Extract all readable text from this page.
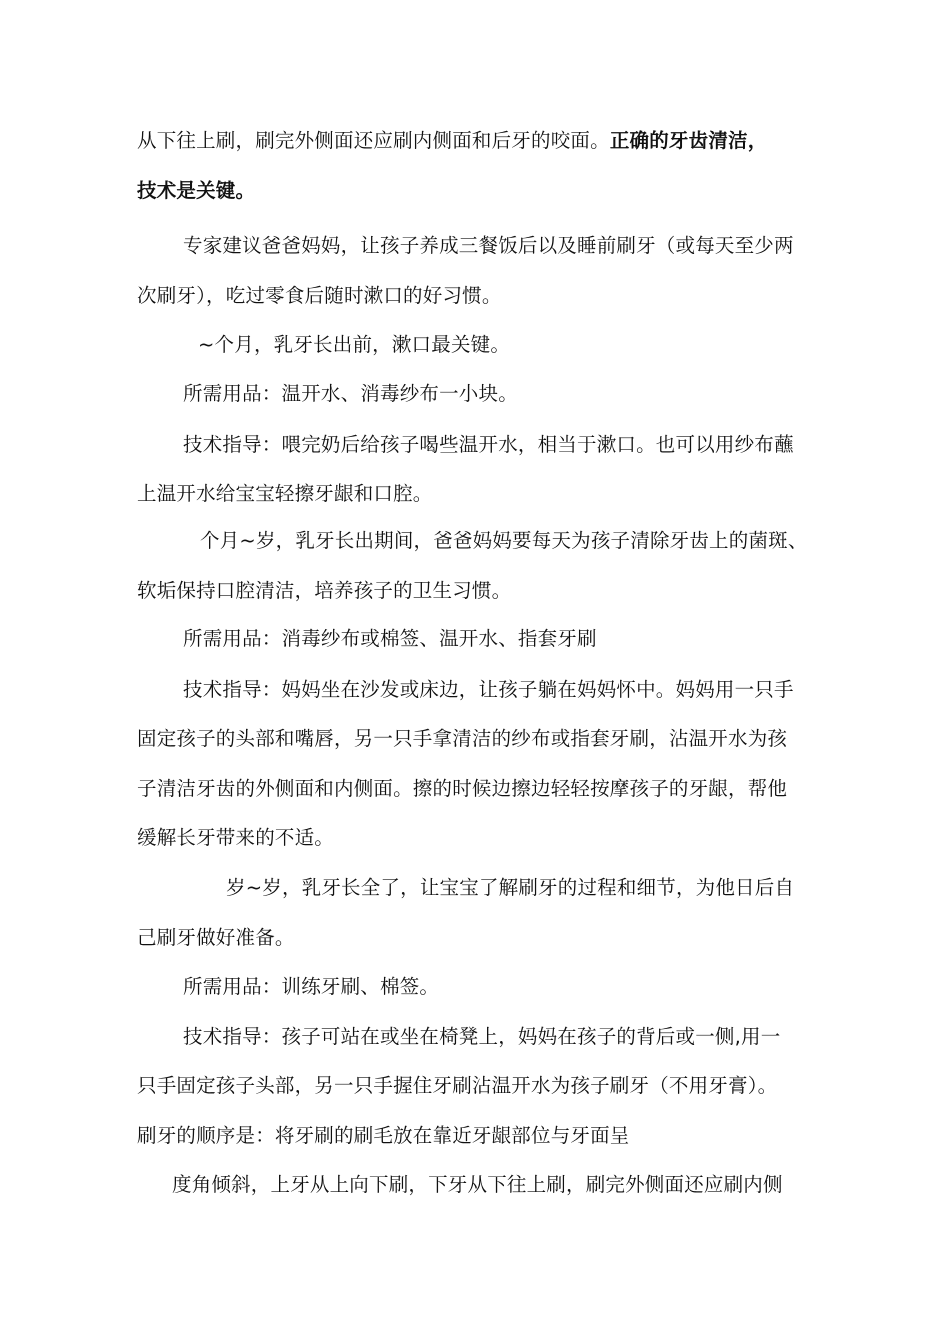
从下往上刷，刷完外侧面还应刷内侧面和后牙的咬面。正确的牙齿清洁，
技术是关键。
专家建议爸爸妈妈，让孩子养成三餐饭后以及睡前刷牙（或每天至少两
次刷牙），吃过零食后随时漱口的好习惯。
~个月，乳牙长出前，漱口最关键。
所需用品：温开水、消毒纱布一小块。
技术指导：喂完奶后给孩子喝些温开水，相当于漱口。也可以用纱布蘸
上温开水给宝宝轻擦牙龈和口腔。
个月~岁，乳牙长出期间，爸爸妈妈要每天为孩子清除牙齿上的菌斑、
软垢保持口腔清洁，培养孩子的卫生习惯。
所需用品：消毒纱布或棉签、温开水、指套牙刷
技术指导：妈妈坐在沙发或床边，让孩子躺在妈妈怀中。妈妈用一只手
固定孩子的头部和嘴唇，另一只手拿清洁的纱布或指套牙刷，沾温开水为孩
子清洁牙齿的外侧面和内侧面。擦的时候边擦边轻轻按摩孩子的牙龈，帮他
缓解长牙带来的不适。
岁~岁，乳牙长全了，让宝宝了解刷牙的过程和细节，为他日后自
己刷牙做好准备。
所需用品：训练牙刷、棉签。
技术指导：孩子可站在或坐在椅凳上，妈妈在孩子的背后或一侧,用一
只手固定孩子头部，另一只手握住牙刷沾温开水为孩子刷牙（不用牙膏）。
刷牙的顺序是：将牙刷的刷毛放在靠近牙龈部位与牙面呈
度角倾斜，上牙从上向下刷，下牙从下往上刷，刷完外侧面还应刷内侧
